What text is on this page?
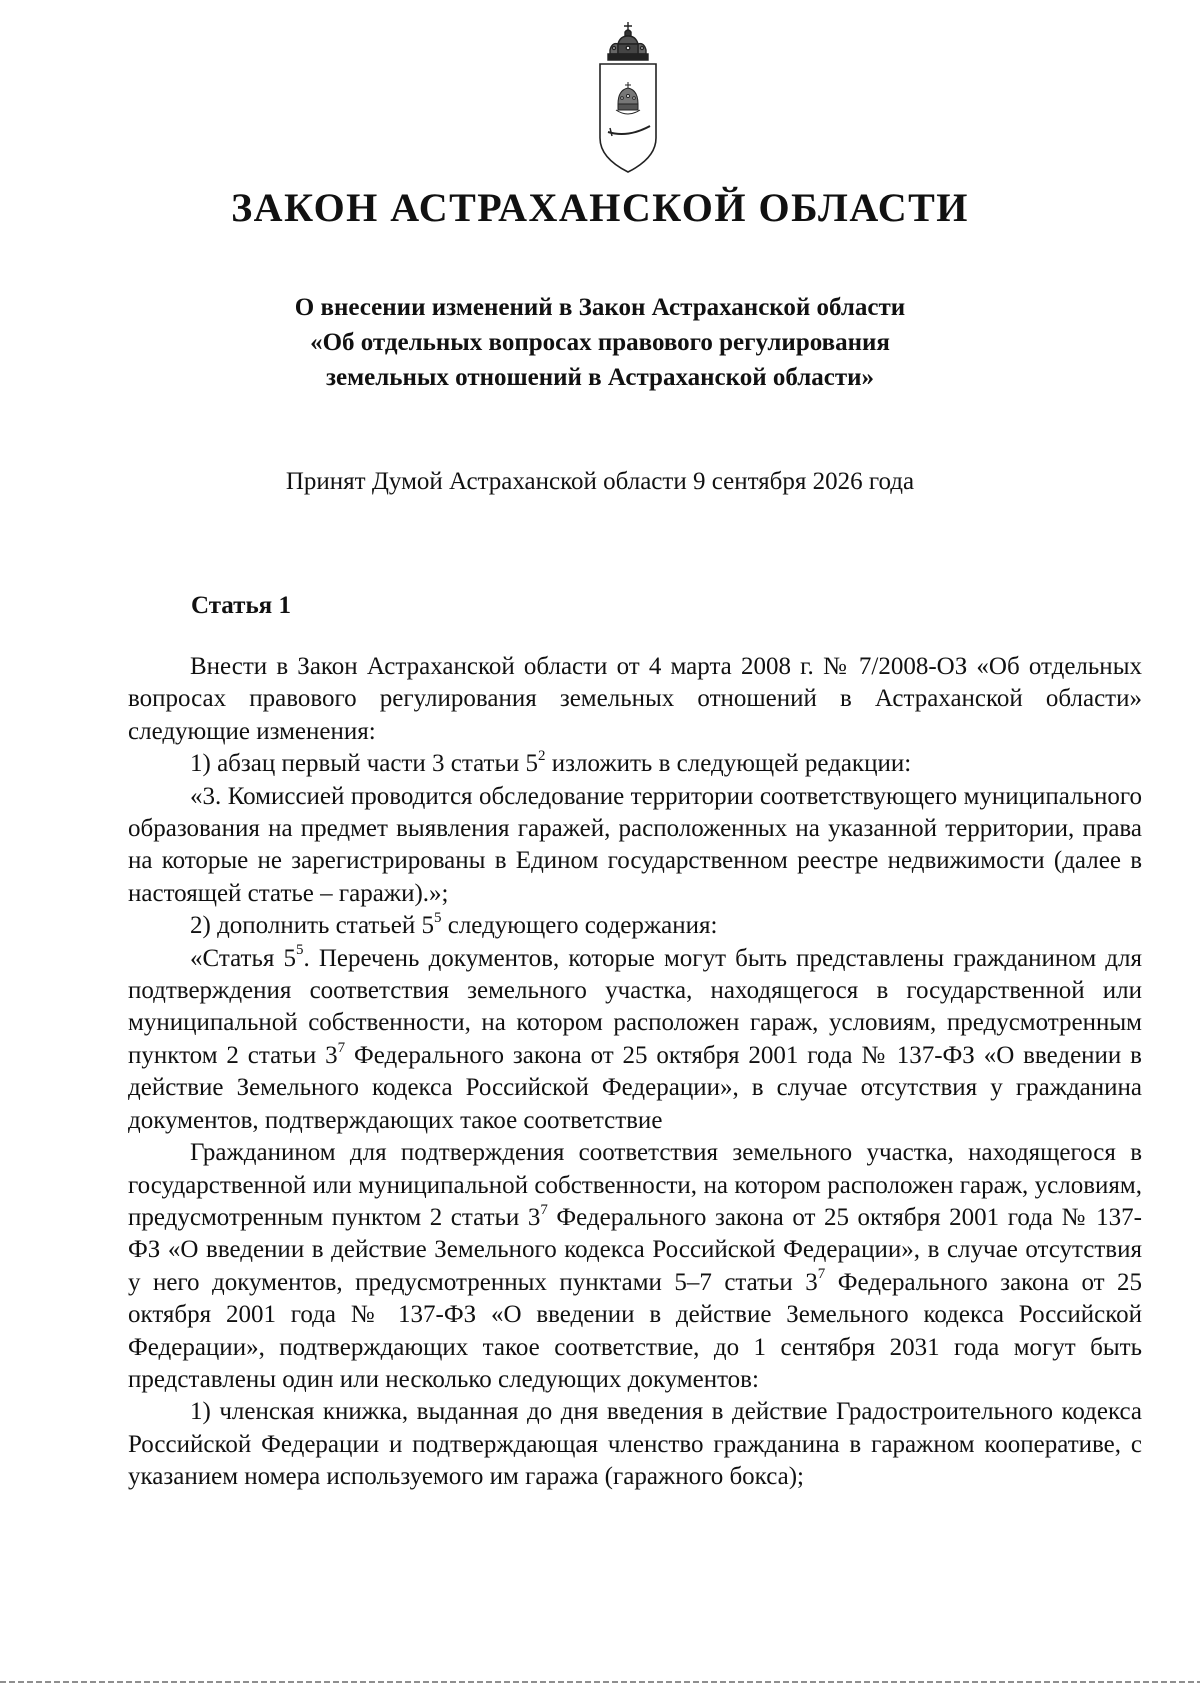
ЗАКОН АСТРАХАНСКОЙ ОБЛАСТИ
О внесении изменений в Закон Астраханской области
«Об отдельных вопросах правового регулирования
земельных отношений в Астраханской области»
Принят Думой Астраханской области 9 сентября 2026 года
Статья 1

Внести в Закон Астраханской области от 4 марта 2008 г. № 7/2008-ОЗ «Об отдельных вопросах правового регулирования земельных отношений в Астраханской области» следующие изменения:

1) абзац первый части 3 статьи $5^2$ изложить в следующей редакции:

«3. Комиссией проводится обследование территории соответствующего муниципального образования на предмет выявления гаражей, расположенных на указанной территории, права на которые не зарегистрированы в Едином государственном реестре недвижимости (далее в настоящей статье – гаражи).»;

2) дополнить статьей $5^5$ следующего содержания:

«Статья $5^5$. Перечень документов, которые могут быть представлены гражданином для подтверждения соответствия земельного участка, находящегося в государственной или муниципальной собственности, на котором расположен гараж, условиям, предусмотренным пунктом 2 статьи $3^7$ Федерального закона от 25 октября 2001 года № 137-ФЗ «О введении в действие Земельного кодекса Российской Федерации», в случае отсутствия у гражданина документов, подтверждающих такое соответствие

Гражданином для подтверждения соответствия земельного участка, находящегося в государственной или муниципальной собственности, на котором расположен гараж, условиям, предусмотренным пунктом 2 статьи $3^7$ Федерального закона от 25 октября 2001 года № 137-ФЗ «О введении в действие Земельного кодекса Российской Федерации», в случае отсутствия у него документов, предусмотренных пунктами 5–7 статьи $3^7$ Федерального закона от 25 октября 2001 года № 137-ФЗ «О введении в действие Земельного кодекса Российской Федерации», подтверждающих такое соответствие, до 1 сентября 2031 года могут быть представлены один или несколько следующих документов:

1) членская книжка, выданная до дня введения в действие Градостроительного кодекса Российской Федерации и подтверждающая членство гражданина в гаражном кооперативе, с указанием номера используемого им гаража (гаражного бокса);
